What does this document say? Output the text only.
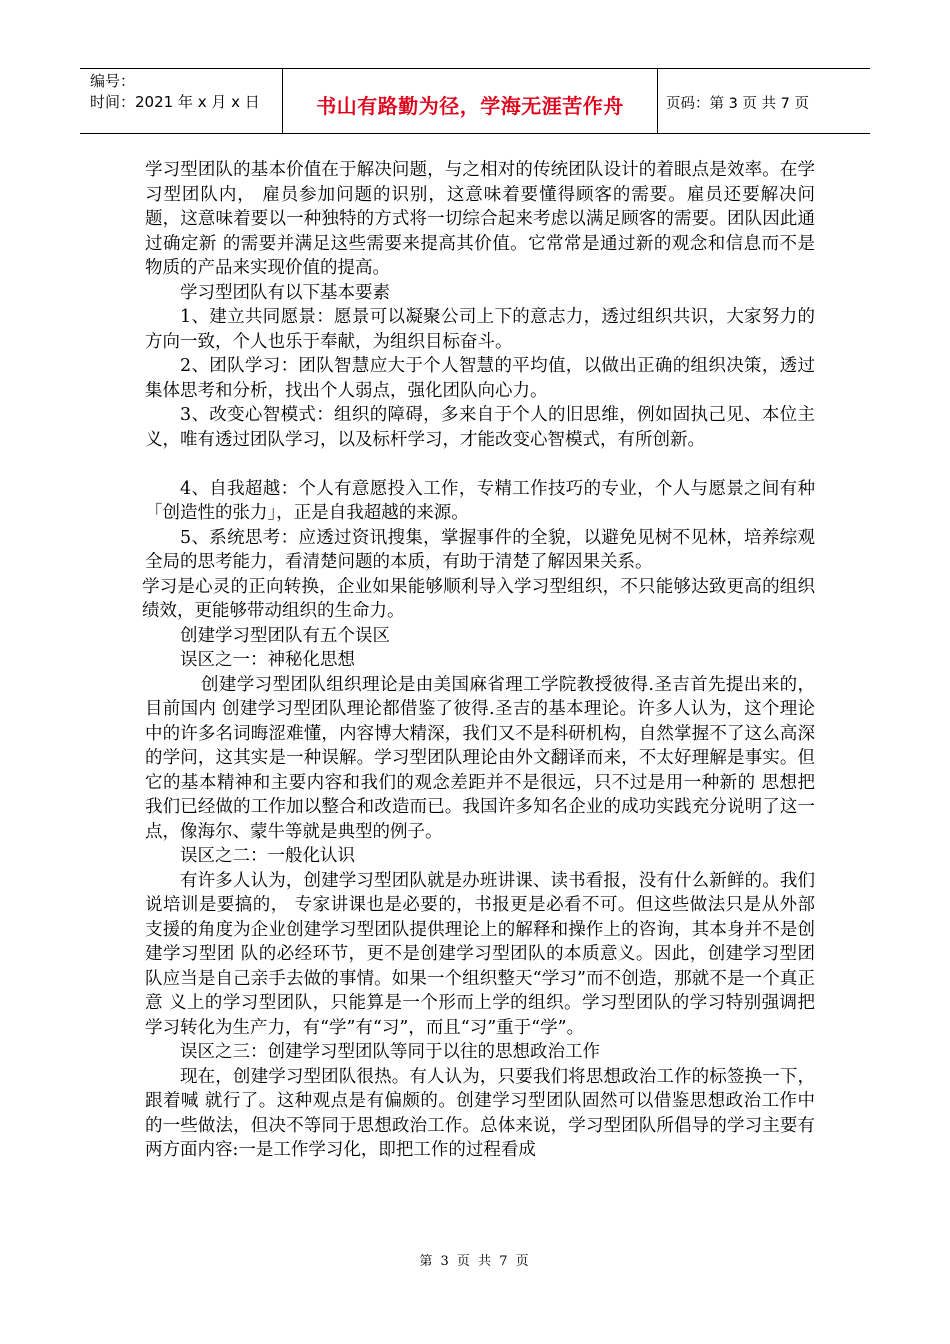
编号：
时间：2021 年 x 月 x 日	书山有路勤为径，学海无涯苦作舟	页码：第 3 页 共 7 页

学习型团队的基本价值在于解决问题，与之相对的传统团队设计的着眼点是效率。在学习型团队内， 雇员参加问题的识别，这意味着要懂得顾客的需要。雇员还要解决问题，这意味着要以一种独特的方式将一切综合起来考虑以满足顾客的需要。团队因此通过确定新 的需要并满足这些需要来提高其价值。它常常是通过新的观念和信息而不是物质的产品来实现价值的提高。

学习型团队有以下基本要素

1、建立共同愿景：愿景可以凝聚公司上下的意志力，透过组织共识，大家努力的方向一致，个人也乐于奉献，为组织目标奋斗。

2、团队学习：团队智慧应大于个人智慧的平均值，以做出正确的组织决策，透过集体思考和分析，找出个人弱点，强化团队向心力。

3、改变心智模式：组织的障碍，多来自于个人的旧思维，例如固执己见、本位主义，唯有透过团队学习，以及标杆学习，才能改变心智模式，有所创新。

4、自我超越：个人有意愿投入工作，专精工作技巧的专业，个人与愿景之间有种「创造性的张力」，正是自我超越的来源。

5、系统思考：应透过资讯搜集，掌握事件的全貌，以避免见树不见林，培养综观全局的思考能力，看清楚问题的本质，有助于清楚了解因果关系。

学习是心灵的正向转换，企业如果能够顺利导入学习型组织，不只能够达致更高的组织绩效，更能够带动组织的生命力。

创建学习型团队有五个误区

误区之一：神秘化思想

创建学习型团队组织理论是由美国麻省理工学院教授彼得.圣吉首先提出来的，目前国内 创建学习型团队理论都借鉴了彼得.圣吉的基本理论。许多人认为，这个理论中的许多名词晦涩难懂，内容博大精深，我们又不是科研机构，自然掌握不了这么高深 的学问，这其实是一种误解。学习型团队理论由外文翻译而来，不太好理解是事实。但它的基本精神和主要内容和我们的观念差距并不是很远，只不过是用一种新的 思想把我们已经做的工作加以整合和改造而已。我国许多知名企业的成功实践充分说明了这一点，像海尔、蒙牛等就是典型的例子。

误区之二：一般化认识

有许多人认为，创建学习型团队就是办班讲课、读书看报，没有什么新鲜的。我们说培训是要搞的， 专家讲课也是必要的，书报更是必看不可。但这些做法只是从外部支援的角度为企业创建学习型团队提供理论上的解释和操作上的咨询，其本身并不是创建学习型团 队的必经环节，更不是创建学习型团队的本质意义。因此，创建学习型团队应当是自己亲手去做的事情。如果一个组织整天“学习”而不创造，那就不是一个真正意 义上的学习型团队，只能算是一个形而上学的组织。学习型团队的学习特别强调把学习转化为生产力，有“学”有“习”，而且“习”重于“学”。

误区之三：创建学习型团队等同于以往的思想政治工作

现在，创建学习型团队很热。有人认为，只要我们将思想政治工作的标签换一下，跟着喊 就行了。这种观点是有偏颇的。创建学习型团队固然可以借鉴思想政治工作中的一些做法，但决不等同于思想政治工作。总体来说，学习型团队所倡导的学习主要有 两方面内容:一是工作学习化，即把工作的过程看成

第 3 页 共 7 页
